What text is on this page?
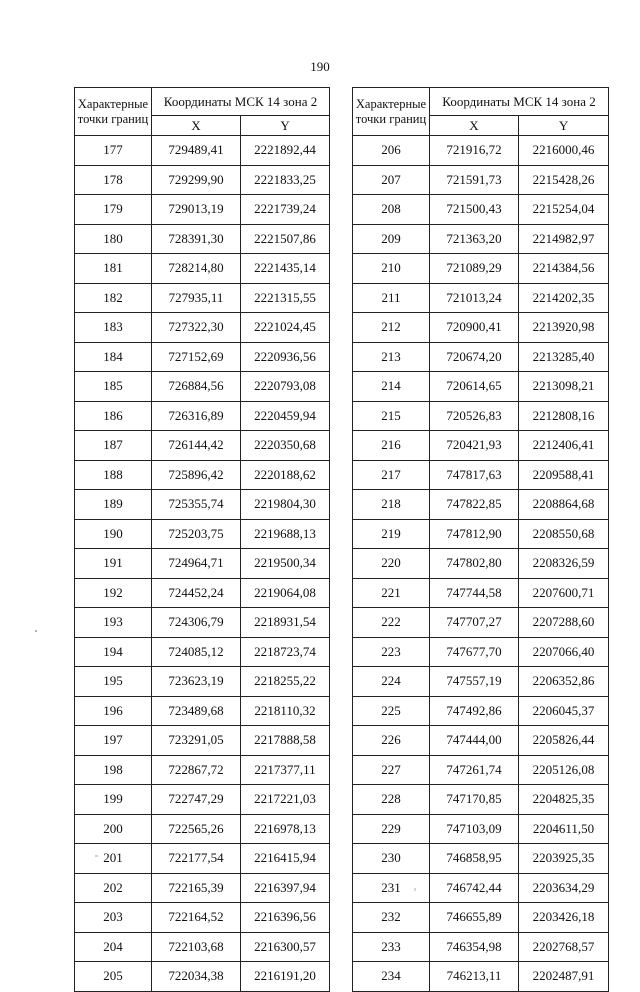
190
Характерные
точки границ	Координаты МСК 14 зона 2	
	X	Y
177	729489,41	2221892,44
178	729299,90	2221833,25
179	729013,19	2221739,24
180	728391,30	2221507,86
181	728214,80	2221435,14
182	727935,11	2221315,55
183	727322,30	2221024,45
184	727152,69	2220936,56
185	726884,56	2220793,08
186	726316,89	2220459,94
187	726144,42	2220350,68
188	725896,42	2220188,62
189	725355,74	2219804,30
190	725203,75	2219688,13
191	724964,71	2219500,34
192	724452,24	2219064,08
193	724306,79	2218931,54
194	724085,12	2218723,74
195	723623,19	2218255,22
196	723489,68	2218110,32
197	723291,05	2217888,58
198	722867,72	2217377,11
199	722747,29	2217221,03
200	722565,26	2216978,13
201	722177,54	2216415,94
202	722165,39	2216397,94
203	722164,52	2216396,56
204	722103,68	2216300,57
205	722034,38	2216191,20
Характерные
точки границ	Координаты МСК 14 зона 2	
	X	Y
206	721916,72	2216000,46
207	721591,73	2215428,26
208	721500,43	2215254,04
209	721363,20	2214982,97
210	721089,29	2214384,56
211	721013,24	2214202,35
212	720900,41	2213920,98
213	720674,20	2213285,40
214	720614,65	2213098,21
215	720526,83	2212808,16
216	720421,93	2212406,41
217	747817,63	2209588,41
218	747822,85	2208864,68
219	747812,90	2208550,68
220	747802,80	2208326,59
221	747744,58	2207600,71
222	747707,27	2207288,60
223	747677,70	2207066,40
224	747557,19	2206352,86
225	747492,86	2206045,37
226	747444,00	2205826,44
227	747261,74	2205126,08
228	747170,85	2204825,35
229	747103,09	2204611,50
230	746858,95	2203925,35
231	746742,44	2203634,29
232	746655,89	2203426,18
233	746354,98	2202768,57
234	746213,11	2202487,91
